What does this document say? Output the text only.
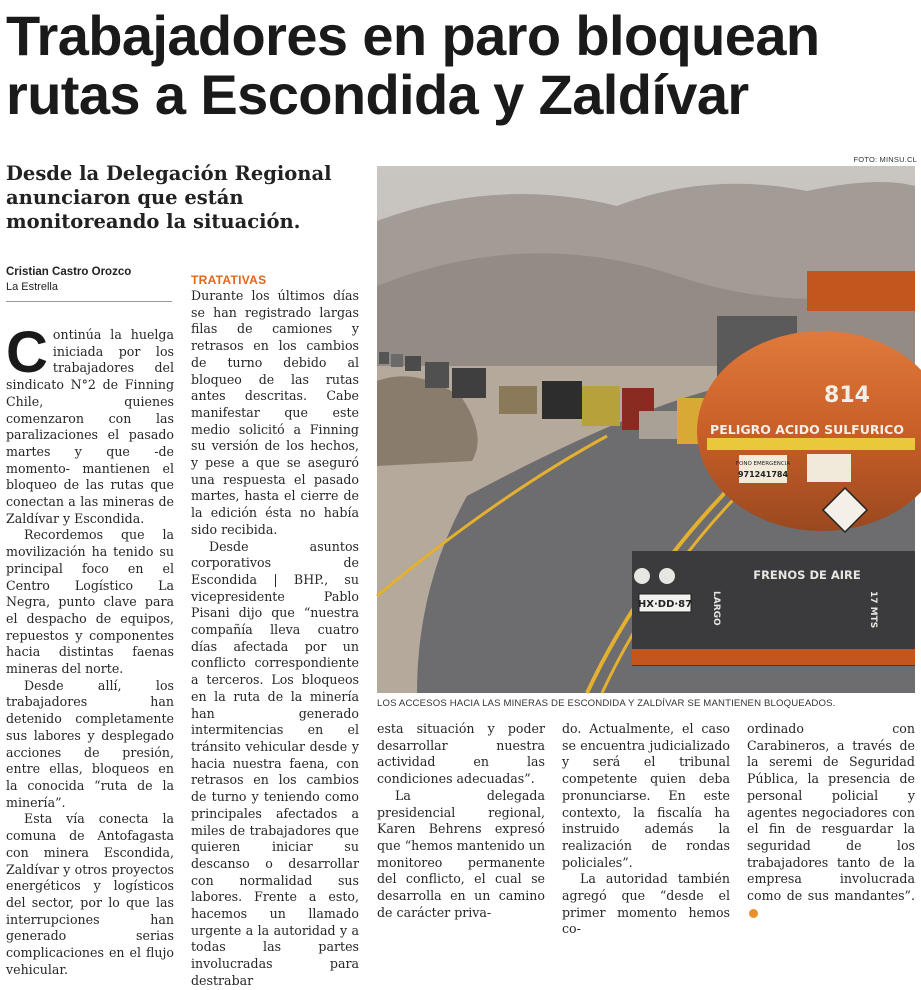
Trabajadores en paro bloquean rutas a Escondida y Zaldívar
Desde la Delegación Regional anunciaron que están monitoreando la situación.
Cristian Castro Orozco
La Estrella
FOTO: MINSU.CL
814
PELIGRO ACIDO SULFURICO
FONO EMERGENCIA
971241784
FRENOS DE AIRE
HX·DD·87 LARGO	17 MTS
LOS ACCESOS HACIA LAS MINERAS DE ESCONDIDA Y ZALDÍVAR SE MANTIENEN BLOQUEADOS.
C ontinúa la huelga iniciada por los trabajadores del sindicato N°2 de Finning Chile, quienes comenzaron con las paralizaciones el pasado martes y que -de momento- mantienen el bloqueo de las rutas que conectan a las mineras de Zaldívar y Escondida.

Recordemos que la movilización ha tenido su principal foco en el Centro Logístico La Negra, punto clave para el despacho de equipos, repuestos y componentes hacia distintas faenas mineras del norte.

Desde allí, los trabajadores han detenido completamente sus labores y desplegado acciones de presión, entre ellas, bloqueos en la conocida “ruta de la minería”.

Esta vía conecta la comuna de Antofagasta con minera Escondida, Zaldívar y otros proyectos energéticos y logísticos del sector, por lo que las interrupciones han generado serias complicaciones en el flujo vehicular.

TRATATIVAS

Durante los últimos días se han registrado largas filas de camiones y retrasos en los cambios de turno debido al bloqueo de las rutas antes descritas. Cabe manifestar que este medio solicitó a Finning su versión de los hechos, y pese a que se aseguró una respuesta el pasado martes, hasta el cierre de la edición ésta no había sido recibida.

Desde asuntos corporativos de Escondida | BHP., su vicepresidente Pablo Pisani dijo que “nuestra compañía lleva cuatro días afectada por un conflicto correspondiente a terceros. Los bloqueos en la ruta de la minería han generado intermitencias en el tránsito vehicular desde y hacia nuestra faena, con retrasos en los cambios de turno y teniendo como principales afectados a miles de trabajadores que quieren iniciar su descanso o desarrollar con normalidad sus labores. Frente a esto, hacemos un llamado urgente a la autoridad y a todas las partes involucradas para destrabar

esta situación y poder desarrollar nuestra actividad en las condiciones adecuadas”.

La delegada presidencial regional, Karen Behrens expresó que “hemos mantenido un monitoreo permanente del conflicto, el cual se desarrolla en un camino de carácter priva-

do. Actualmente, el caso se encuentra judicializado y será el tribunal competente quien deba pronunciarse. En este contexto, la fiscalía ha instruido además la realización de rondas policiales”.

La autoridad también agregó que “desde el primer momento hemos co-

ordinado con Carabineros, a través de la seremi de Seguridad Pública, la presencia de personal policial y agentes negociadores con el fin de resguardar la seguridad de los trabajadores tanto de la empresa involucrada como de sus mandantes”.
